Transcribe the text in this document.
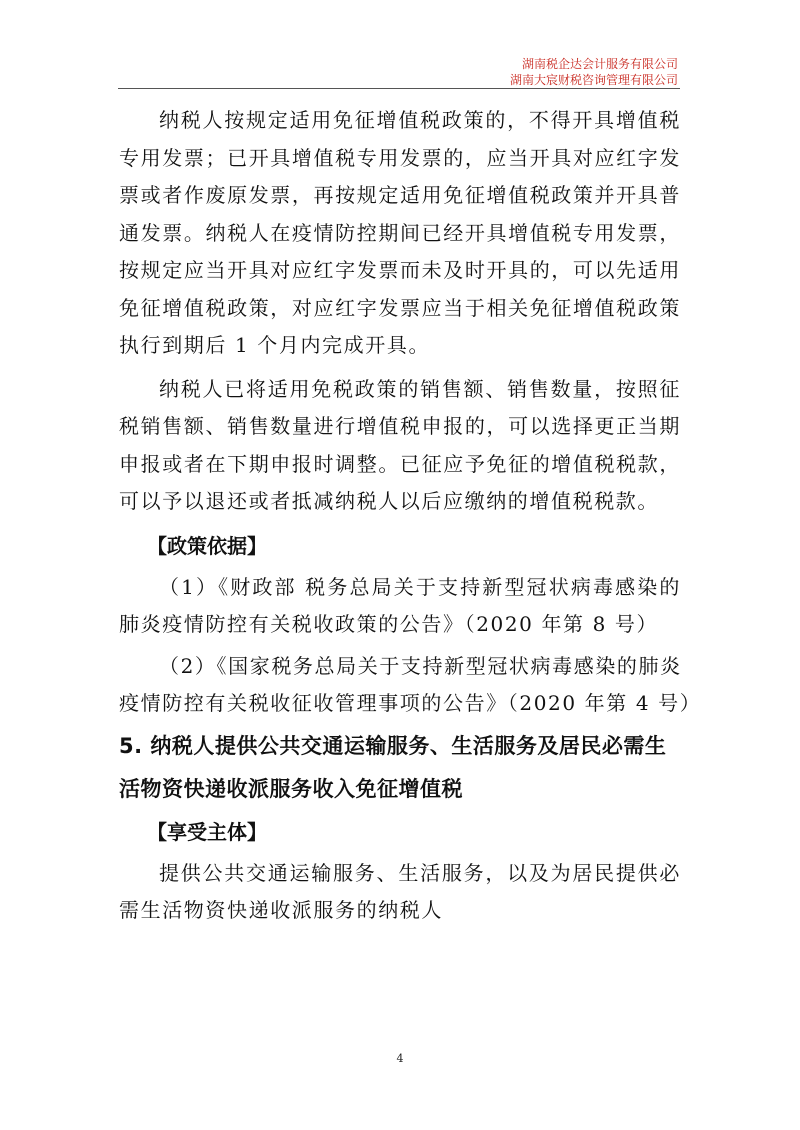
湖南税企达会计服务有限公司
湖南大宸财税咨询管理有限公司

纳税人按规定适用免征增值税政策的，不得开具增值税
专用发票；已开具增值税专用发票的，应当开具对应红字发
票或者作废原发票，再按规定适用免征增值税政策并开具普
通发票。纳税人在疫情防控期间已经开具增值税专用发票，
按规定应当开具对应红字发票而未及时开具的，可以先适用
免征增值税政策，对应红字发票应当于相关免征增值税政策
执行到期后 1 个月内完成开具。

纳税人已将适用免税政策的销售额、销售数量，按照征
税销售额、销售数量进行增值税申报的，可以选择更正当期
申报或者在下期申报时调整。已征应予免征的增值税税款，
可以予以退还或者抵减纳税人以后应缴纳的增值税税款。

【政策依据】

（1）《财政部 税务总局关于支持新型冠状病毒感染的
肺炎疫情防控有关税收政策的公告》（2020 年第 8 号）

（2）《国家税务总局关于支持新型冠状病毒感染的肺炎
疫情防控有关税收征收管理事项的公告》（2020 年第 4 号）

5. 纳税人提供公共交通运输服务、生活服务及居民必需生
活物资快递收派服务收入免征增值税

【享受主体】

提供公共交通运输服务、生活服务，以及为居民提供必
需生活物资快递收派服务的纳税人

4
